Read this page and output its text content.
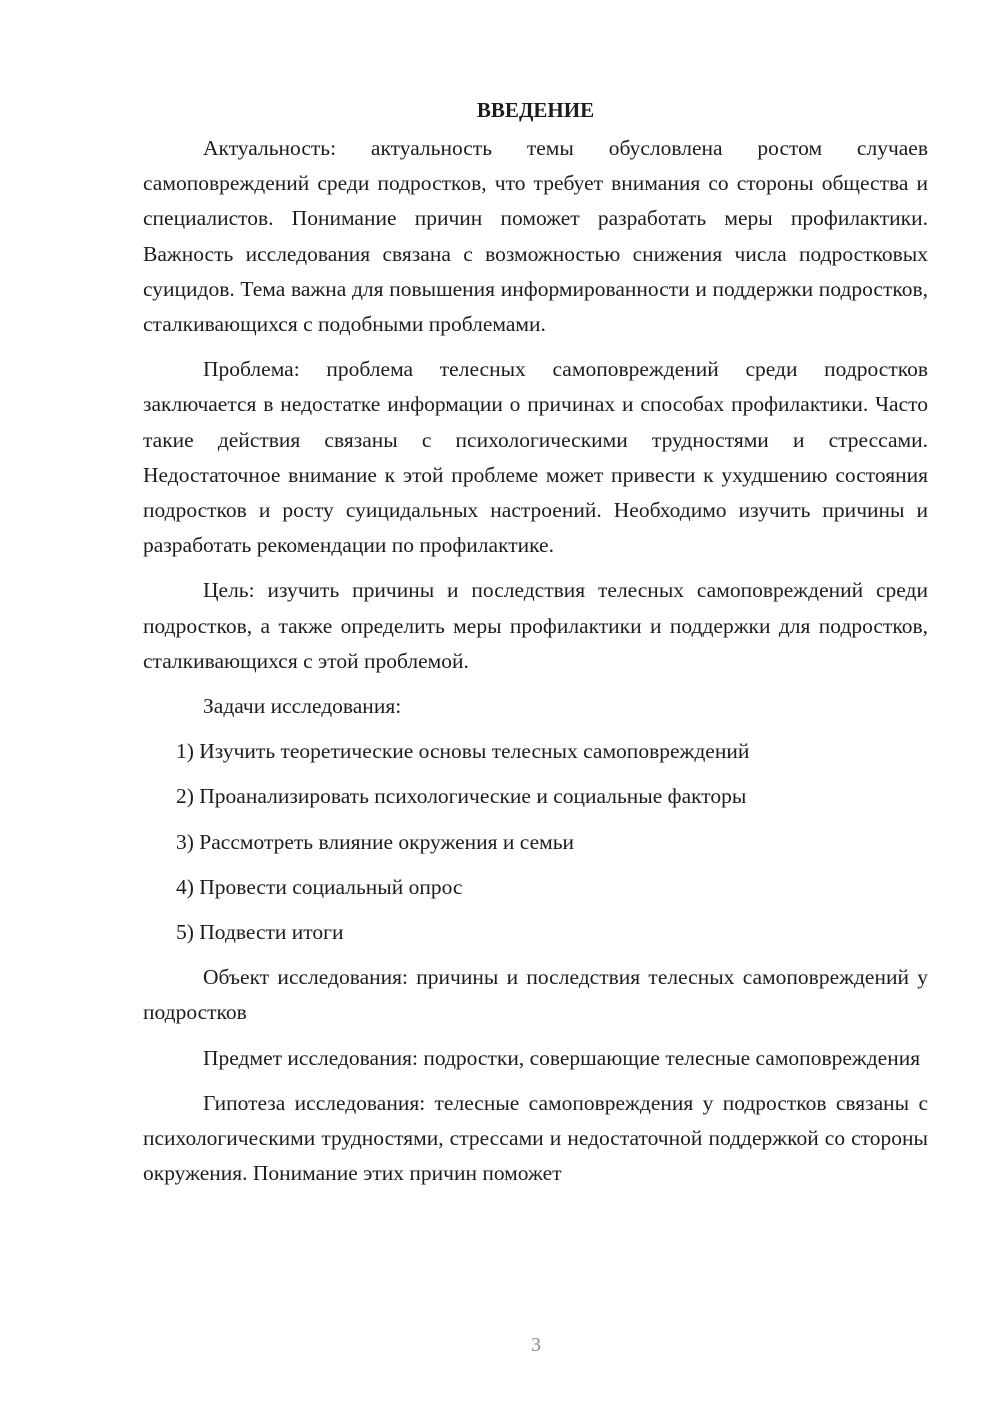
ВВЕДЕНИЕ

Актуальность: актуальность темы обусловлена ростом случаев самоповреждений среди подростков, что требует внимания со стороны общества и специалистов. Понимание причин поможет разработать меры профилактики. Важность исследования связана с возможностью снижения числа подростковых суицидов. Тема важна для повышения информированности и поддержки подростков, сталкивающихся с подобными проблемами.

Проблема: проблема телесных самоповреждений среди подростков заключается в недостатке информации о причинах и способах профилактики. Часто такие действия связаны с психологическими трудностями и стрессами. Недостаточное внимание к этой проблеме может привести к ухудшению состояния подростков и росту суицидальных настроений. Необходимо изучить причины и разработать рекомендации по профилактике.

Цель: изучить причины и последствия телесных самоповреждений среди подростков, а также определить меры профилактики и поддержки для подростков, сталкивающихся с этой проблемой.

Задачи исследования:
1) Изучить теоретические основы телесных самоповреждений
2) Проанализировать психологические и социальные факторы
3) Рассмотреть влияние окружения и семьи
4) Провести социальный опрос
5) Подвести итоги

Объект исследования: причины и последствия телесных самоповреждений у подростков

Предмет исследования: подростки, совершающие телесные самоповреждения

Гипотеза исследования: телесные самоповреждения у подростков связаны с психологическими трудностями, стрессами и недостаточной поддержкой со стороны окружения. Понимание этих причин поможет

3
